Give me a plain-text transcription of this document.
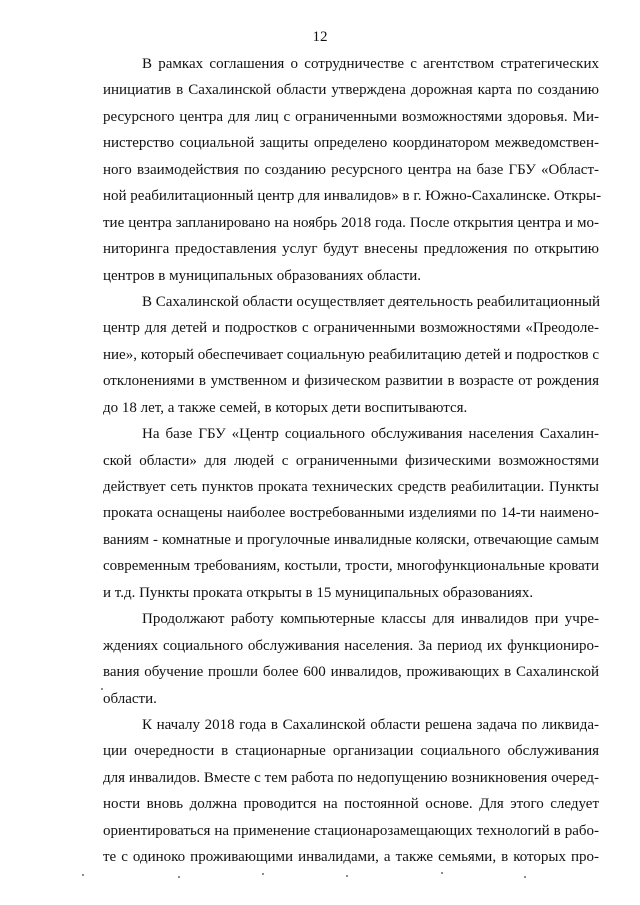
12

В рамках соглашения о сотрудничестве с агентством стратегических
инициатив в Сахалинской области утверждена дорожная карта по созданию
ресурсного центра для лиц с ограниченными возможностями здоровья. Ми-
нистерство социальной защиты определено координатором межведомствен-
ного взаимодействия по созданию ресурсного центра на базе ГБУ «Област-
ной реабилитационный центр для инвалидов» в г. Южно-Сахалинске. Откры-
тие центра запланировано на ноябрь 2018 года. После открытия центра и мо-
ниторинга предоставления услуг будут внесены предложения по открытию
центров в муниципальных образованиях области.

В Сахалинской области осуществляет деятельность реабилитационный
центр для детей и подростков с ограниченными возможностями «Преодоле-
ние», который обеспечивает социальную реабилитацию детей и подростков с
отклонениями в умственном и физическом развитии в возрасте от рождения
до 18 лет, а также семей, в которых дети воспитываются.

На базе ГБУ «Центр социального обслуживания населения Сахалин-
ской области» для людей с ограниченными физическими возможностями
действует сеть пунктов проката технических средств реабилитации. Пункты
проката оснащены наиболее востребованными изделиями по 14-ти наимено-
ваниям - комнатные и прогулочные инвалидные коляски, отвечающие самым
современным требованиям, костыли, трости, многофункциональные кровати
и т.д. Пункты проката открыты в 15 муниципальных образованиях.

Продолжают работу компьютерные классы для инвалидов при учре-
ждениях социального обслуживания населения. За период их функциониро-
вания обучение прошли более 600 инвалидов, проживающих в Сахалинской
области.

К началу 2018 года в Сахалинской области решена задача по ликвида-
ции очередности в стационарные организации социального обслуживания
для инвалидов. Вместе с тем работа по недопущению возникновения очеред-
ности вновь должна проводится на постоянной основе. Для этого следует
ориентироваться на применение стационарозамещающих технологий в рабо-
те с одиноко проживающими инвалидами, а также семьями, в которых про-
